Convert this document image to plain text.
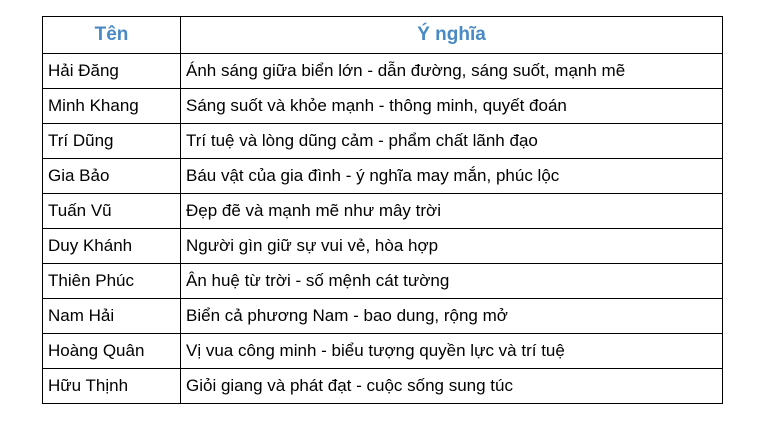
Tên	Ý nghĩa
Hải Đăng	Ánh sáng giữa biển lớn - dẫn đường, sáng suốt, mạnh mẽ
Minh Khang	Sáng suốt và khỏe mạnh - thông minh, quyết đoán
Trí Dũng	Trí tuệ và lòng dũng cảm - phẩm chất lãnh đạo
Gia Bảo	Báu vật của gia đình - ý nghĩa may mắn, phúc lộc
Tuấn Vũ	Đẹp đẽ và mạnh mẽ như mây trời
Duy Khánh	Người gìn giữ sự vui vẻ, hòa hợp
Thiên Phúc	Ân huệ từ trời - số mệnh cát tường
Nam Hải	Biển cả phương Nam - bao dung, rộng mở
Hoàng Quân	Vị vua công minh - biểu tượng quyền lực và trí tuệ
Hữu Thịnh	Giỏi giang và phát đạt - cuộc sống sung túc
